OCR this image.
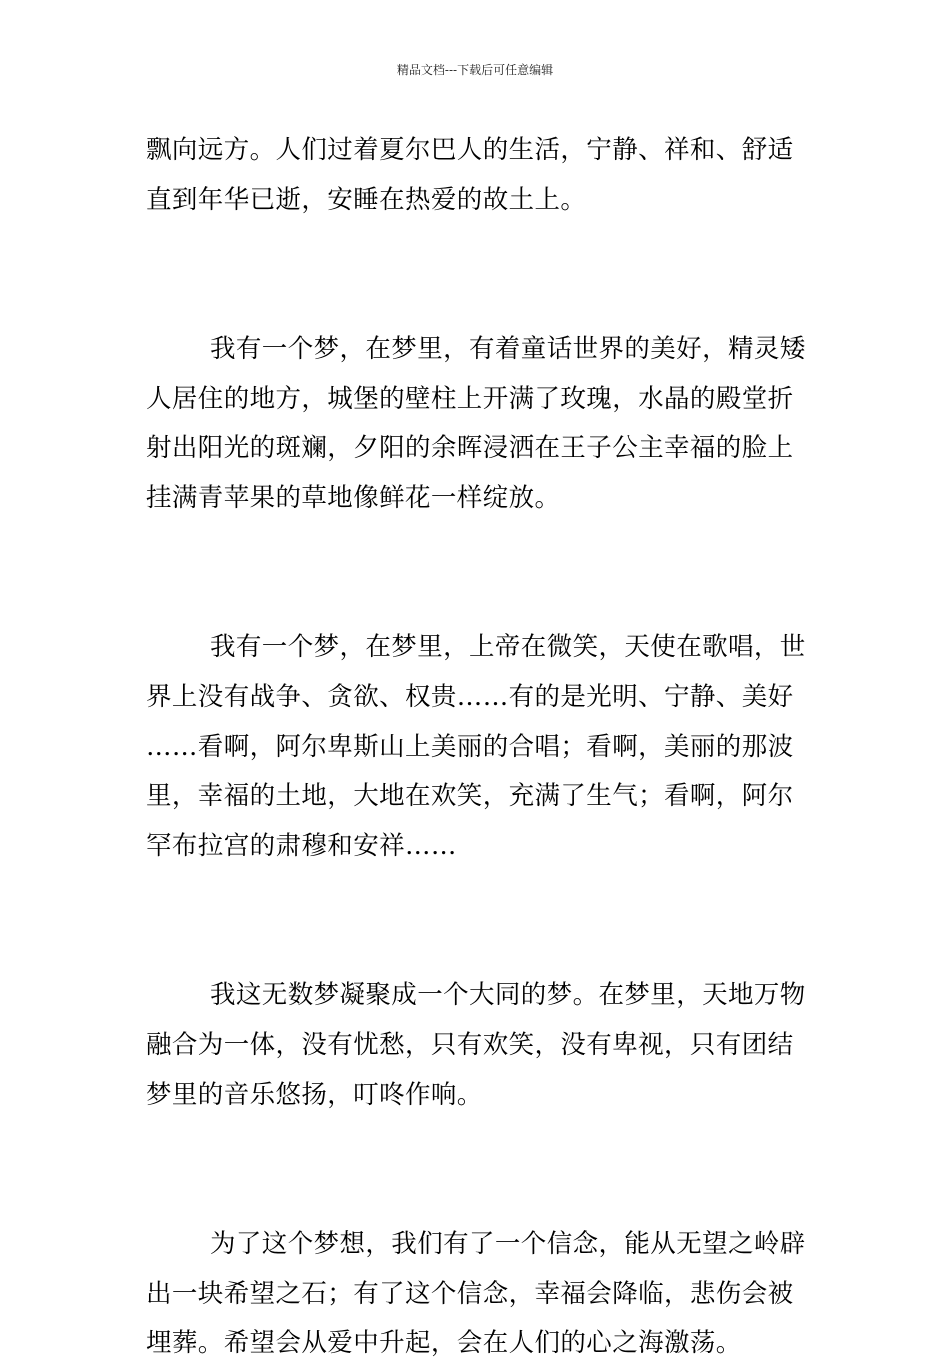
精品文档---下载后可任意编辑

飘向远方。人们过着夏尔巴人的生活，宁静、祥和、舒适
直到年华已逝，安睡在热爱的故土上。

我有一个梦，在梦里，有着童话世界的美好，精灵矮
人居住的地方，城堡的壁柱上开满了玫瑰，水晶的殿堂折
射出阳光的斑斓，夕阳的余晖浸洒在王子公主幸福的脸上
挂满青苹果的草地像鲜花一样绽放。

我有一个梦，在梦里，上帝在微笑，天使在歌唱，世
界上没有战争、贪欲、权贵……有的是光明、宁静、美好
……看啊，阿尔卑斯山上美丽的合唱；看啊，美丽的那波
里，幸福的土地，大地在欢笑，充满了生气；看啊，阿尔
罕布拉宫的肃穆和安祥……

我这无数梦凝聚成一个大同的梦。在梦里，天地万物
融合为一体，没有忧愁，只有欢笑，没有卑视，只有团结
梦里的音乐悠扬，叮咚作响。

为了这个梦想，我们有了一个信念，能从无望之岭辟
出一块希望之石；有了这个信念，幸福会降临，悲伤会被
埋葬。希望会从爱中升起，会在人们的心之海激荡。
